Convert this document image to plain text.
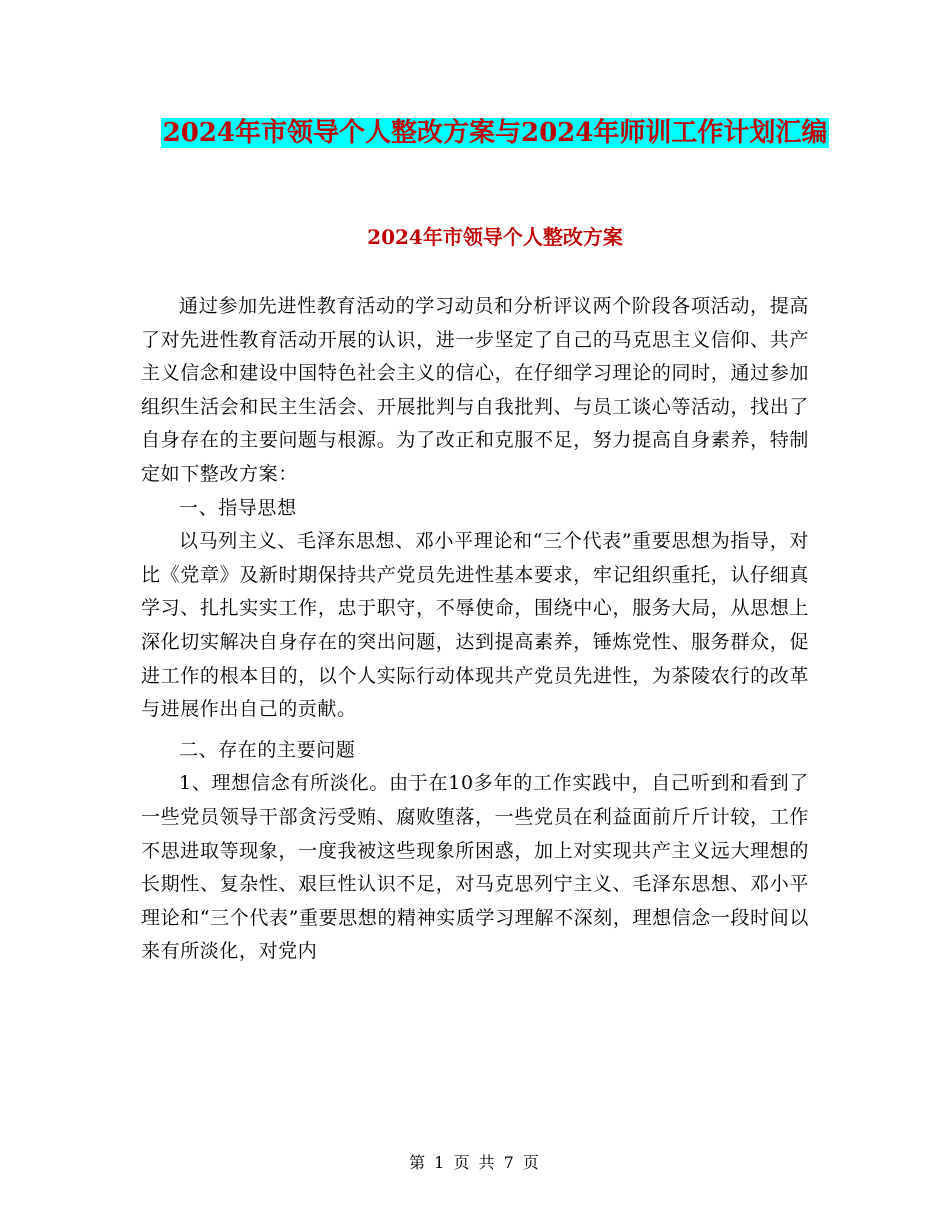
2024年市领导个人整改方案与2024年师训工作计划汇编
2024年市领导个人整改方案

通过参加先进性教育活动的学习动员和分析评议两个阶段各项活动，提高了对先进性教育活动开展的认识，进一步坚定了自己的马克思主义信仰、共产主义信念和建设中国特色社会主义的信心，在仔细学习理论的同时，通过参加组织生活会和民主生活会、开展批判与自我批判、与员工谈心等活动，找出了自身存在的主要问题与根源。为了改正和克服不足，努力提高自身素养，特制定如下整改方案：

一、指导思想

以马列主义、毛泽东思想、邓小平理论和“三个代表”重要思想为指导，对比《党章》及新时期保持共产党员先进性基本要求，牢记组织重托，认仔细真学习、扎扎实实工作，忠于职守，不辱使命，围绕中心，服务大局，从思想上深化切实解决自身存在的突出问题，达到提高素养，锤炼党性、服务群众，促进工作的根本目的，以个人实际行动体现共产党员先进性，为茶陵农行的改革与进展作出自己的贡献。

二、存在的主要问题

1、理想信念有所淡化。由于在10多年的工作实践中，自己听到和看到了一些党员领导干部贪污受贿、腐败堕落，一些党员在利益面前斤斤计较，工作不思进取等现象，一度我被这些现象所困惑，加上对实现共产主义远大理想的长期性、复杂性、艰巨性认识不足，对马克思列宁主义、毛泽东思想、邓小平理论和“三个代表”重要思想的精神实质学习理解不深刻，理想信念一段时间以来有所淡化，对党内

第 1 页 共 7 页
